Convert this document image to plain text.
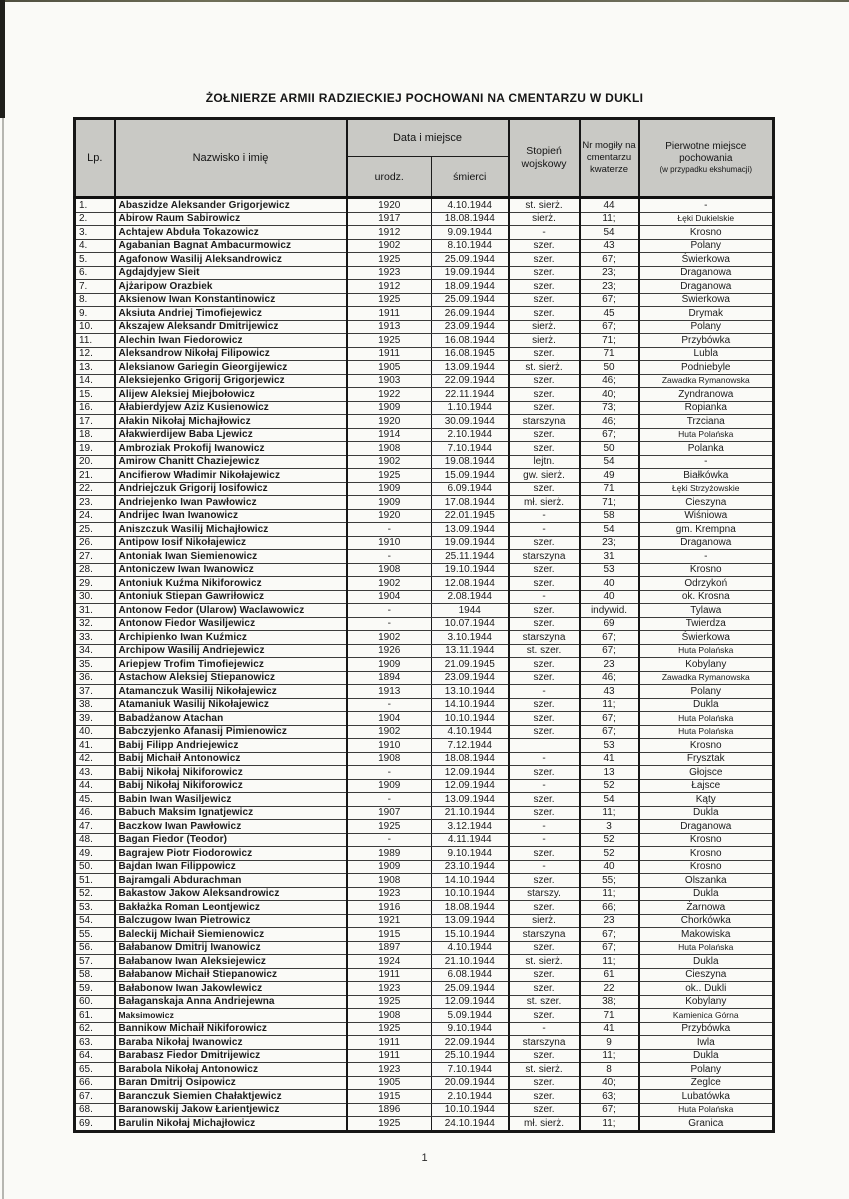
ŻOŁNIERZE ARMII RADZIECKIEJ POCHOWANI NA CMENTARZU W DUKLI
Lp.	Nazwisko i imię	Data i miejsce		Stopień wojskowy	Nr mogiły na cmentarzu kwaterze	Pierwotne miejsce pochowania
(w przypadku ekshumacji)

		urodz.	śmierci			
1.	Abaszidze Aleksander Grigorjewicz	1920	4.10.1944	st. sierż.	44	-
2.	Abirow Raum Sabirowicz	1917	18.08.1944	sierż.	11;	Łęki Dukielskie
3.	Achtajew Abduła Tokazowicz	1912	9.09.1944	-	54	Krosno
4.	Agabanian Bagnat Ambacurmowicz	1902	8.10.1944	szer.	43	Polany
5.	Agafonow Wasilij Aleksandrowicz	1925	25.09.1944	szer.	67;	Świerkowa
6.	Agdajdyjew Sieit	1923	19.09.1944	szer.	23;	Draganowa
7.	Ajżaripow Orazbiek	1912	18.09.1944	szer.	23;	Draganowa
8.	Aksienow Iwan Konstantinowicz	1925	25.09.1944	szer.	67;	Świerkowa
9.	Aksiuta Andriej Timofiejewicz	1911	26.09.1944	szer.	45	Drymak
10.	Akszajew Aleksandr Dmitrijewicz	1913	23.09.1944	sierż.	67;	Polany
11.	Alechin Iwan Fiedorowicz	1925	16.08.1944	sierż.	71;	Przybówka
12.	Aleksandrow Nikołaj Filipowicz	1911	16.08.1945	szer.	71	Lubla
13.	Aleksianow Gariegin Gieorgijewicz	1905	13.09.1944	st. sierż.	50	Podniebyle
14.	Aleksiejenko Grigorij Grigorjewicz	1903	22.09.1944	szer.	46;	Zawadka Rymanowska
15.	Alijew Aleksiej Miejbołowicz	1922	22.11.1944	szer.	40;	Zyndranowa
16.	Ałabierdyjew Aziz Kusienowicz	1909	1.10.1944	szer.	73;	Ropianka
17.	Ałakin Nikołaj Michajłowicz	1920	30.09.1944	starszyna	46;	Trzciana
18.	Ałakwierdijew Baba Ljewicz	1914	2.10.1944	szer.	67;	Huta Polańska
19.	Ambroziak Prokofij Iwanowicz	1908	7.10.1944	szer.	50	Polanka
20.	Amirow Chanitt Chaziejewicz	1902	19.08.1944	lejtn.	54	-
21.	Ancifierow Władimir Nikołajewicz	1925	15.09.1944	gw. sierż.	49	Białkówka
22.	Andriejczuk Grigorij Iosifowicz	1909	6.09.1944	szer.	71	Łęki Strzyżowskie
23.	Andriejenko Iwan Pawłowicz	1909	17.08.1944	mł. sierż.	71;	Cieszyna
24.	Andrijec Iwan Iwanowicz	1920	22.01.1945	-	58	Wiśniowa
25.	Aniszczuk Wasilij Michajłowicz	-	13.09.1944	-	54	gm. Krempna
26.	Antipow Iosif Nikołajewicz	1910	19.09.1944	szer.	23;	Draganowa
27.	Antoniak Iwan Siemienowicz	-	25.11.1944	starszyna	31	-
28.	Antoniczew Iwan Iwanowicz	1908	19.10.1944	szer.	53	Krosno
29.	Antoniuk Kuźma Nikiforowicz	1902	12.08.1944	szer.	40	Odrzykoń
30.	Antoniuk Stiepan Gawriłowicz	1904	2.08.1944	-	40	ok. Krosna
31.	Antonow Fedor (Ularow) Waclawowicz	-	1944	szer.	indywid.	Tylawa
32.	Antonow Fiedor Wasiljewicz	-	10.07.1944	szer.	69	Twierdza
33.	Archipienko Iwan Kuźmicz	1902	3.10.1944	starszyna	67;	Świerkowa
34.	Archipow Wasilij Andriejewicz	1926	13.11.1944	st. szer.	67;	Huta Polańska
35.	Ariepjew Trofim Timofiejewicz	1909	21.09.1945	szer.	23	Kobylany
36.	Astachow Aleksiej Stiepanowicz	1894	23.09.1944	szer.	46;	Zawadka Rymanowska
37.	Atamanczuk Wasilij Nikołajewicz	1913	13.10.1944	-	43	Polany
38.	Atamaniuk Wasilij Nikołajewicz	-	14.10.1944	szer.	11;	Dukla
39.	Babadżanow Atachan	1904	10.10.1944	szer.	67;	Huta Polańska
40.	Babczyjenko Afanasij Pimienowicz	1902	4.10.1944	szer.	67;	Huta Polańska
41.	Babij Filipp Andriejewicz	1910	7.12.1944		53	Krosno
42.	Babij Michaił Antonowicz	1908	18.08.1944	-	41	Frysztak
43.	Babij Nikołaj Nikiforowicz	-	12.09.1944	szer.	13	Głojsce
44.	Babij Nikołaj Nikiforowicz	1909	12.09.1944	-	52	Łajsce
45.	Babin Iwan Wasiljewicz	-	13.09.1944	szer.	54	Kąty
46.	Babuch Maksim Ignatjewicz	1907	21.10.1944	szer.	11;	Dukla
47.	Baczkow Iwan Pawłowicz	1925	3.12.1944	-	3	Draganowa
48.	Bagan Fiedor (Teodor)	-	4.11.1944	-	52	Krosno
49.	Bagrajew Piotr Fiodorowicz	1989	9.10.1944	szer.	52	Krosno
50.	Bajdan Iwan Filippowicz	1909	23.10.1944	-	40	Krosno
51.	Bajramgali Abdurachman	1908	14.10.1944	szer.	55;	Olszanka
52.	Bakastow Jakow Aleksandrowicz	1923	10.10.1944	starszy.	11;	Dukla
53.	Bakłażka Roman Leontjewicz	1916	18.08.1944	szer.	66;	Żarnowa
54.	Balczugow Iwan Pietrowicz	1921	13.09.1944	sierż.	23	Chorkówka
55.	Baleckij Michaił Siemienowicz	1915	15.10.1944	starszyna	67;	Makowiska
56.	Bałabanow Dmitrij Iwanowicz	1897	4.10.1944	szer.	67;	Huta Polańska
57.	Bałabanow Iwan Aleksiejewicz	1924	21.10.1944	st. sierż.	11;	Dukla
58.	Bałabanow Michaił Stiepanowicz	1911	6.08.1944	szer.	61	Cieszyna
59.	Bałabonow Iwan Jakowlewicz	1923	25.09.1944	szer.	22	ok.. Dukli
60.	Bałaganskaja Anna Andriejewna	1925	12.09.1944	st. szer.	38;	Kobylany
61.	Maksimowicz	1908	5.09.1944	szer.	71	Kamienica Górna
62.	Bannikow Michaił Nikiforowicz	1925	9.10.1944	-	41	Przybówka
63.	Baraba Nikołaj Iwanowicz	1911	22.09.1944	starszyna	9	Iwla
64.	Barabasz Fiedor Dmitrijewicz	1911	25.10.1944	szer.	11;	Dukla
65.	Barabola Nikołaj Antonowicz	1923	7.10.1944	st. sierż.	8	Polany
66.	Baran Dmitrij Osipowicz	1905	20.09.1944	szer.	40;	Żeglce
67.	Baranczuk Siemien Chałaktjewicz	1915	2.10.1944	szer.	63;	Lubatówka
68.	Baranowskij Jakow Łarientjewicz	1896	10.10.1944	szer.	67;	Huta Polańska
69.	Barulin Nikołaj Michajłowicz	1925	24.10.1944	mł. sierż.	11;	Granica
1
